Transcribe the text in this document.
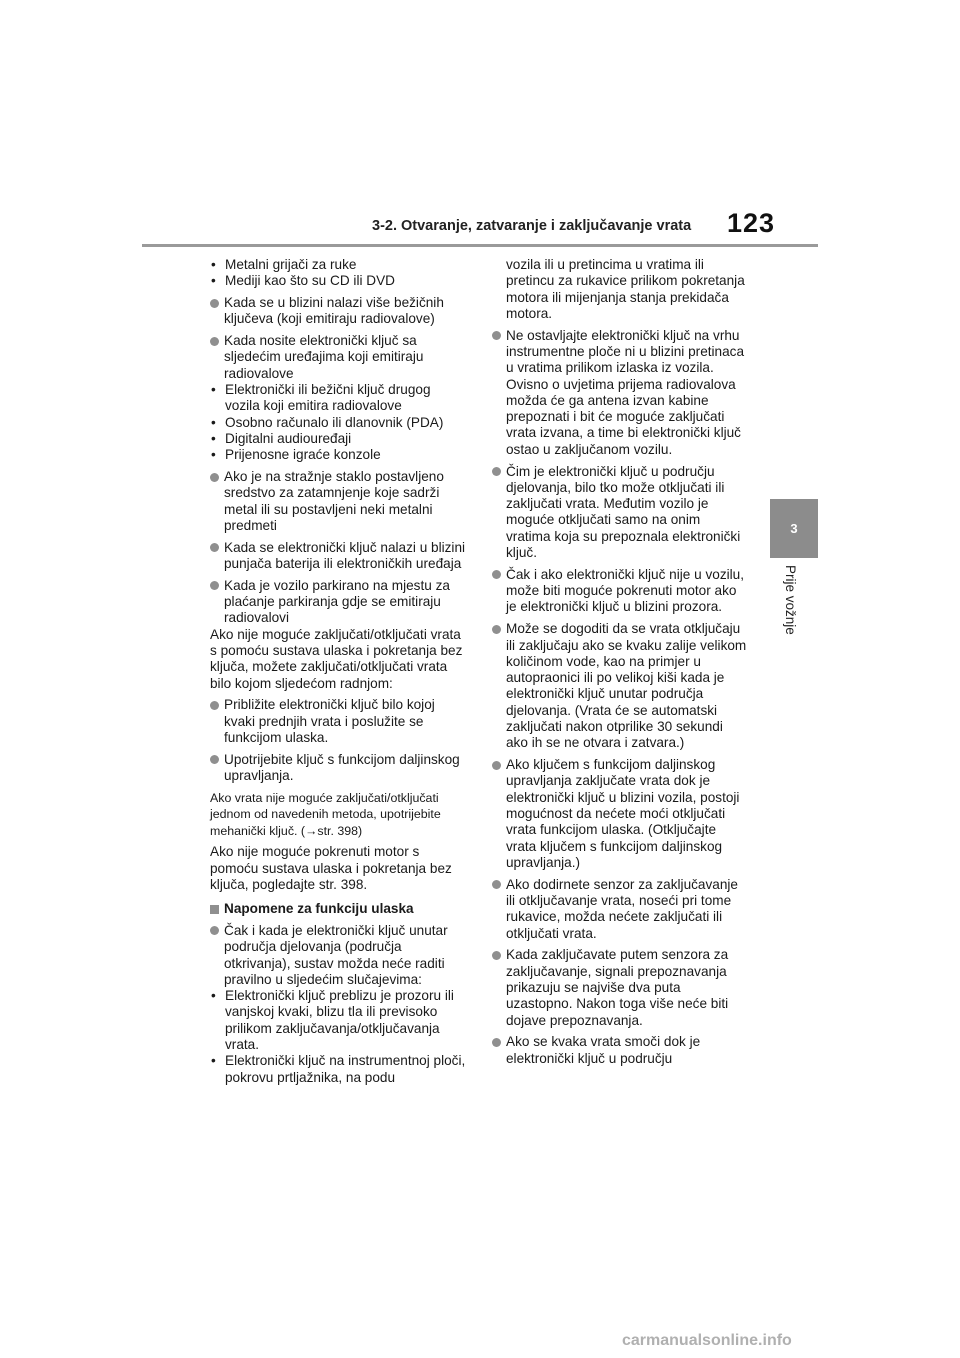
3-2. Otvaranje, zatvaranje i zaključavanje vrata 123
3
Prije vožnje
• Metalni grijači za ruke
• Mediji kao što su CD ili DVD
Kada se u blizini nalazi više bežičnih ključeva (koji emitiraju radiovalove)
Kada nosite elektronički ključ sa sljedećim uređajima koji emitiraju radiovalove
• Elektronički ili bežični ključ drugog vozila koji emitira radiovalove
• Osobno računalo ili dlanovnik (PDA)
• Digitalni audiouređaji
• Prijenosne igraće konzole
Ako je na stražnje staklo postavljeno sredstvo za zatamnjenje koje sadrži metal ili su postavljeni neki metalni predmeti
Kada se elektronički ključ nalazi u blizini punjača baterija ili elektroničkih uređaja
Kada je vozilo parkirano na mjestu za plaćanje parkiranja gdje se emitiraju radiovalovi
Ako nije moguće zaključati/otključati vrata s pomoću sustava ulaska i pokretanja bez ključa, možete zaključati/otključati vrata bilo kojom sljedećom radnjom:
Približite elektronički ključ bilo kojoj kvaki prednjih vrata i poslužite se funkcijom ulaska.
Upotrijebite ključ s funkcijom daljinskog upravljanja.
Ako vrata nije moguće zaključati/otključati jednom od navedenih metoda, upotrijebite mehanički ključ. (→str. 398)
Ako nije moguće pokrenuti motor s pomoću sustava ulaska i pokretanja bez ključa, pogledajte str. 398.
Napomene za funkciju ulaska
Čak i kada je elektronički ključ unutar područja djelovanja (područja otkrivanja), sustav možda neće raditi pravilno u sljedećim slučajevima:
• Elektronički ključ preblizu je prozoru ili vanjskoj kvaki, blizu tla ili previsoko prilikom zaključavanja/otključavanja vrata.
• Elektronički ključ na instrumentnoj ploči, pokrovu prtljažnika, na podu
vozila ili u pretincima u vratima ili pretincu za rukavice prilikom pokretanja motora ili mijenjanja stanja prekidača motora.
Ne ostavljajte elektronički ključ na vrhu instrumentne ploče ni u blizini pretinaca u vratima prilikom izlaska iz vozila. Ovisno o uvjetima prijema radiovalova možda će ga antena izvan kabine prepoznati i bit će moguće zaključati vrata izvana, a time bi elektronički ključ ostao u zaključanom vozilu.
Čim je elektronički ključ u području djelovanja, bilo tko može otključati ili zaključati vrata. Međutim vozilo je moguće otključati samo na onim vratima koja su prepoznala elektronički ključ.
Čak i ako elektronički ključ nije u vozilu, može biti moguće pokrenuti motor ako je elektronički ključ u blizini prozora.
Može se dogoditi da se vrata otključaju ili zaključaju ako se kvaku zalije velikom količinom vode, kao na primjer u autopraonici ili po velikoj kiši kada je elektronički ključ unutar područja djelovanja. (Vrata će se automatski zaključati nakon otprilike 30 sekundi ako ih se ne otvara i zatvara.)
Ako ključem s funkcijom daljinskog upravljanja zaključate vrata dok je elektronički ključ u blizini vozila, postoji mogućnost da nećete moći otključati vrata funkcijom ulaska. (Otključajte vrata ključem s funkcijom daljinskog upravljanja.)
Ako dodirnete senzor za zaključavanje ili otključavanje vrata, noseći pri tome rukavice, možda nećete zaključati ili otključati vrata.
Kada zaključavate putem senzora za zaključavanje, signali prepoznavanja prikazuju se najviše dva puta uzastopno. Nakon toga više neće biti dojave prepoznavanja.
Ako se kvaka vrata smoči dok je elektronički ključ u području
carmanualsonline.info
